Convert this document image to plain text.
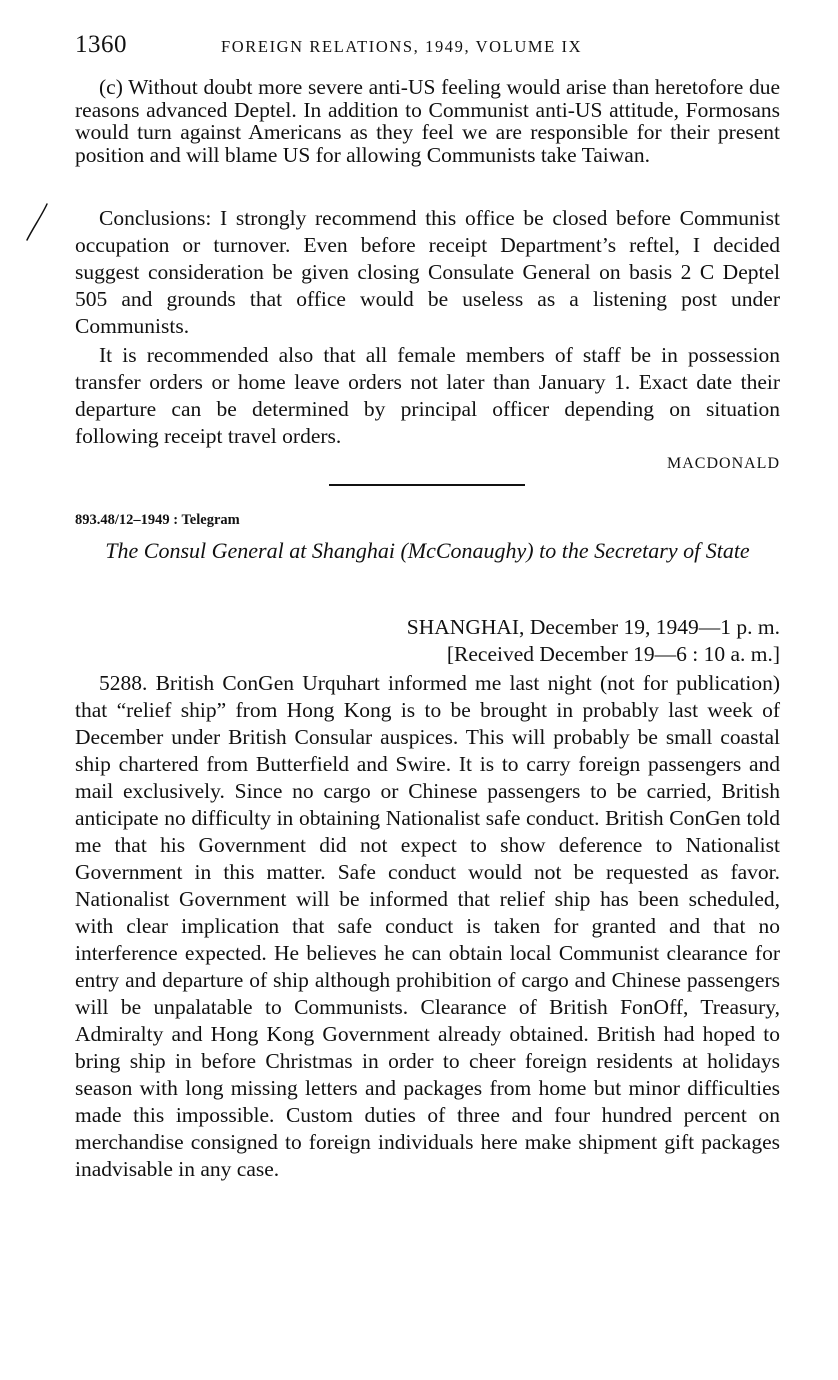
1360	FOREIGN RELATIONS, 1949, VOLUME IX

(c) Without doubt more severe anti-US feeling would arise than heretofore due reasons advanced Deptel. In addition to Communist anti-US attitude, Formosans would turn against Americans as they feel we are responsible for their present position and will blame US for allowing Communists take Taiwan.

Conclusions: I strongly recommend this office be closed before Communist occupation or turnover. Even before receipt Department’s reftel, I decided suggest consideration be given closing Consulate General on basis 2 C Deptel 505 and grounds that office would be useless as a listening post under Communists.

It is recommended also that all female members of staff be in possession transfer orders or home leave orders not later than January 1. Exact date their departure can be determined by principal officer depending on situation following receipt travel orders.

MACDONALD
893.48/12–1949 : Telegram
The Consul General at Shanghai (McConaughy) to the Secretary of State
SHANGHAI, December 19, 1949—1 p. m.
[Received December 19—6 : 10 a. m.]

5288. British ConGen Urquhart informed me last night (not for publication) that “relief ship” from Hong Kong is to be brought in probably last week of December under British Consular auspices. This will probably be small coastal ship chartered from Butterfield and Swire. It is to carry foreign passengers and mail exclusively. Since no cargo or Chinese passengers to be carried, British anticipate no difficulty in obtaining Nationalist safe conduct. British ConGen told me that his Government did not expect to show deference to Nationalist Government in this matter. Safe conduct would not be requested as favor. Nationalist Government will be informed that relief ship has been scheduled, with clear implication that safe conduct is taken for granted and that no interference expected. He believes he can obtain local Communist clearance for entry and departure of ship although prohibition of cargo and Chinese passengers will be unpalatable to Communists. Clearance of British FonOff, Treasury, Admiralty and Hong Kong Government already obtained. British had hoped to bring ship in before Christmas in order to cheer foreign residents at holidays season with long missing letters and packages from home but minor difficulties made this impossible. Custom duties of three and four hundred percent on merchandise consigned to foreign individuals here make shipment gift packages inadvisable in any case.
